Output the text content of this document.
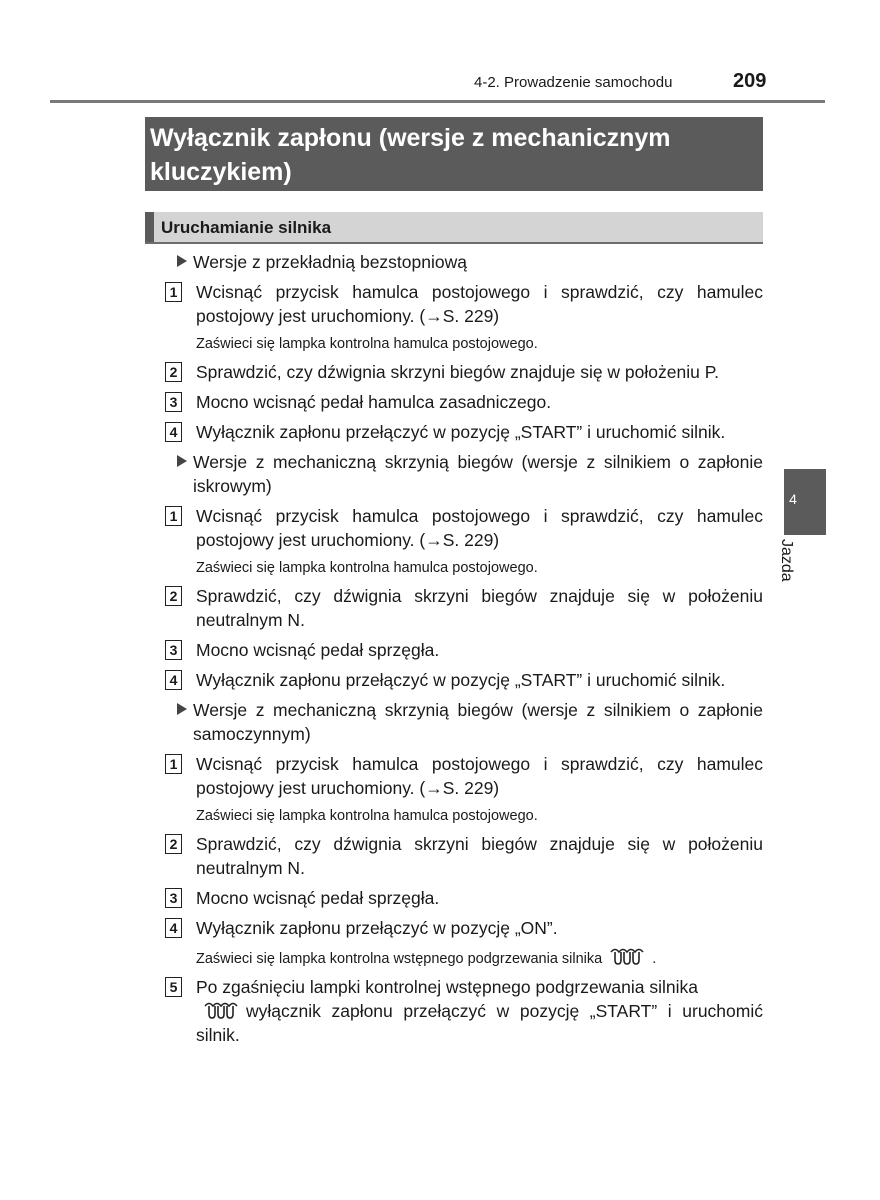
4-2. Prowadzenie samochodu	209
Wyłącznik zapłonu (wersje z mechanicznym kluczykiem)
Uruchamianie silnika
4
Jazda
Wersje z przekładnią bezstopniową
1 Wcisnąć przycisk hamulca postojowego i sprawdzić, czy hamulec postojowy jest uruchomiony. (→S. 229)
Zaświeci się lampka kontrolna hamulca postojowego.
2 Sprawdzić, czy dźwignia skrzyni biegów znajduje się w położeniu P.
3 Mocno wcisnąć pedał hamulca zasadniczego.
4 Wyłącznik zapłonu przełączyć w pozycję „START” i uruchomić silnik.
Wersje z mechaniczną skrzynią biegów (wersje z silnikiem o zapłonie iskrowym)
1 Wcisnąć przycisk hamulca postojowego i sprawdzić, czy hamulec postojowy jest uruchomiony. (→S. 229)
Zaświeci się lampka kontrolna hamulca postojowego.
2 Sprawdzić, czy dźwignia skrzyni biegów znajduje się w położeniu neutralnym N.
3 Mocno wcisnąć pedał sprzęgła.
4 Wyłącznik zapłonu przełączyć w pozycję „START” i uruchomić silnik.
Wersje z mechaniczną skrzynią biegów (wersje z silnikiem o zapłonie samoczynnym)
1 Wcisnąć przycisk hamulca postojowego i sprawdzić, czy hamulec postojowy jest uruchomiony. (→S. 229)
Zaświeci się lampka kontrolna hamulca postojowego.
2 Sprawdzić, czy dźwignia skrzyni biegów znajduje się w położeniu neutralnym N.
3 Mocno wcisnąć pedał sprzęgła.
4 Wyłącznik zapłonu przełączyć w pozycję „ON”.
Zaświeci się lampka kontrolna wstępnego podgrzewania silnika	.
5 Po zgaśnięciu lampki kontrolnej wstępnego podgrzewania silnika
wyłącznik zapłonu przełączyć w pozycję „START” i uruchomić silnik.
